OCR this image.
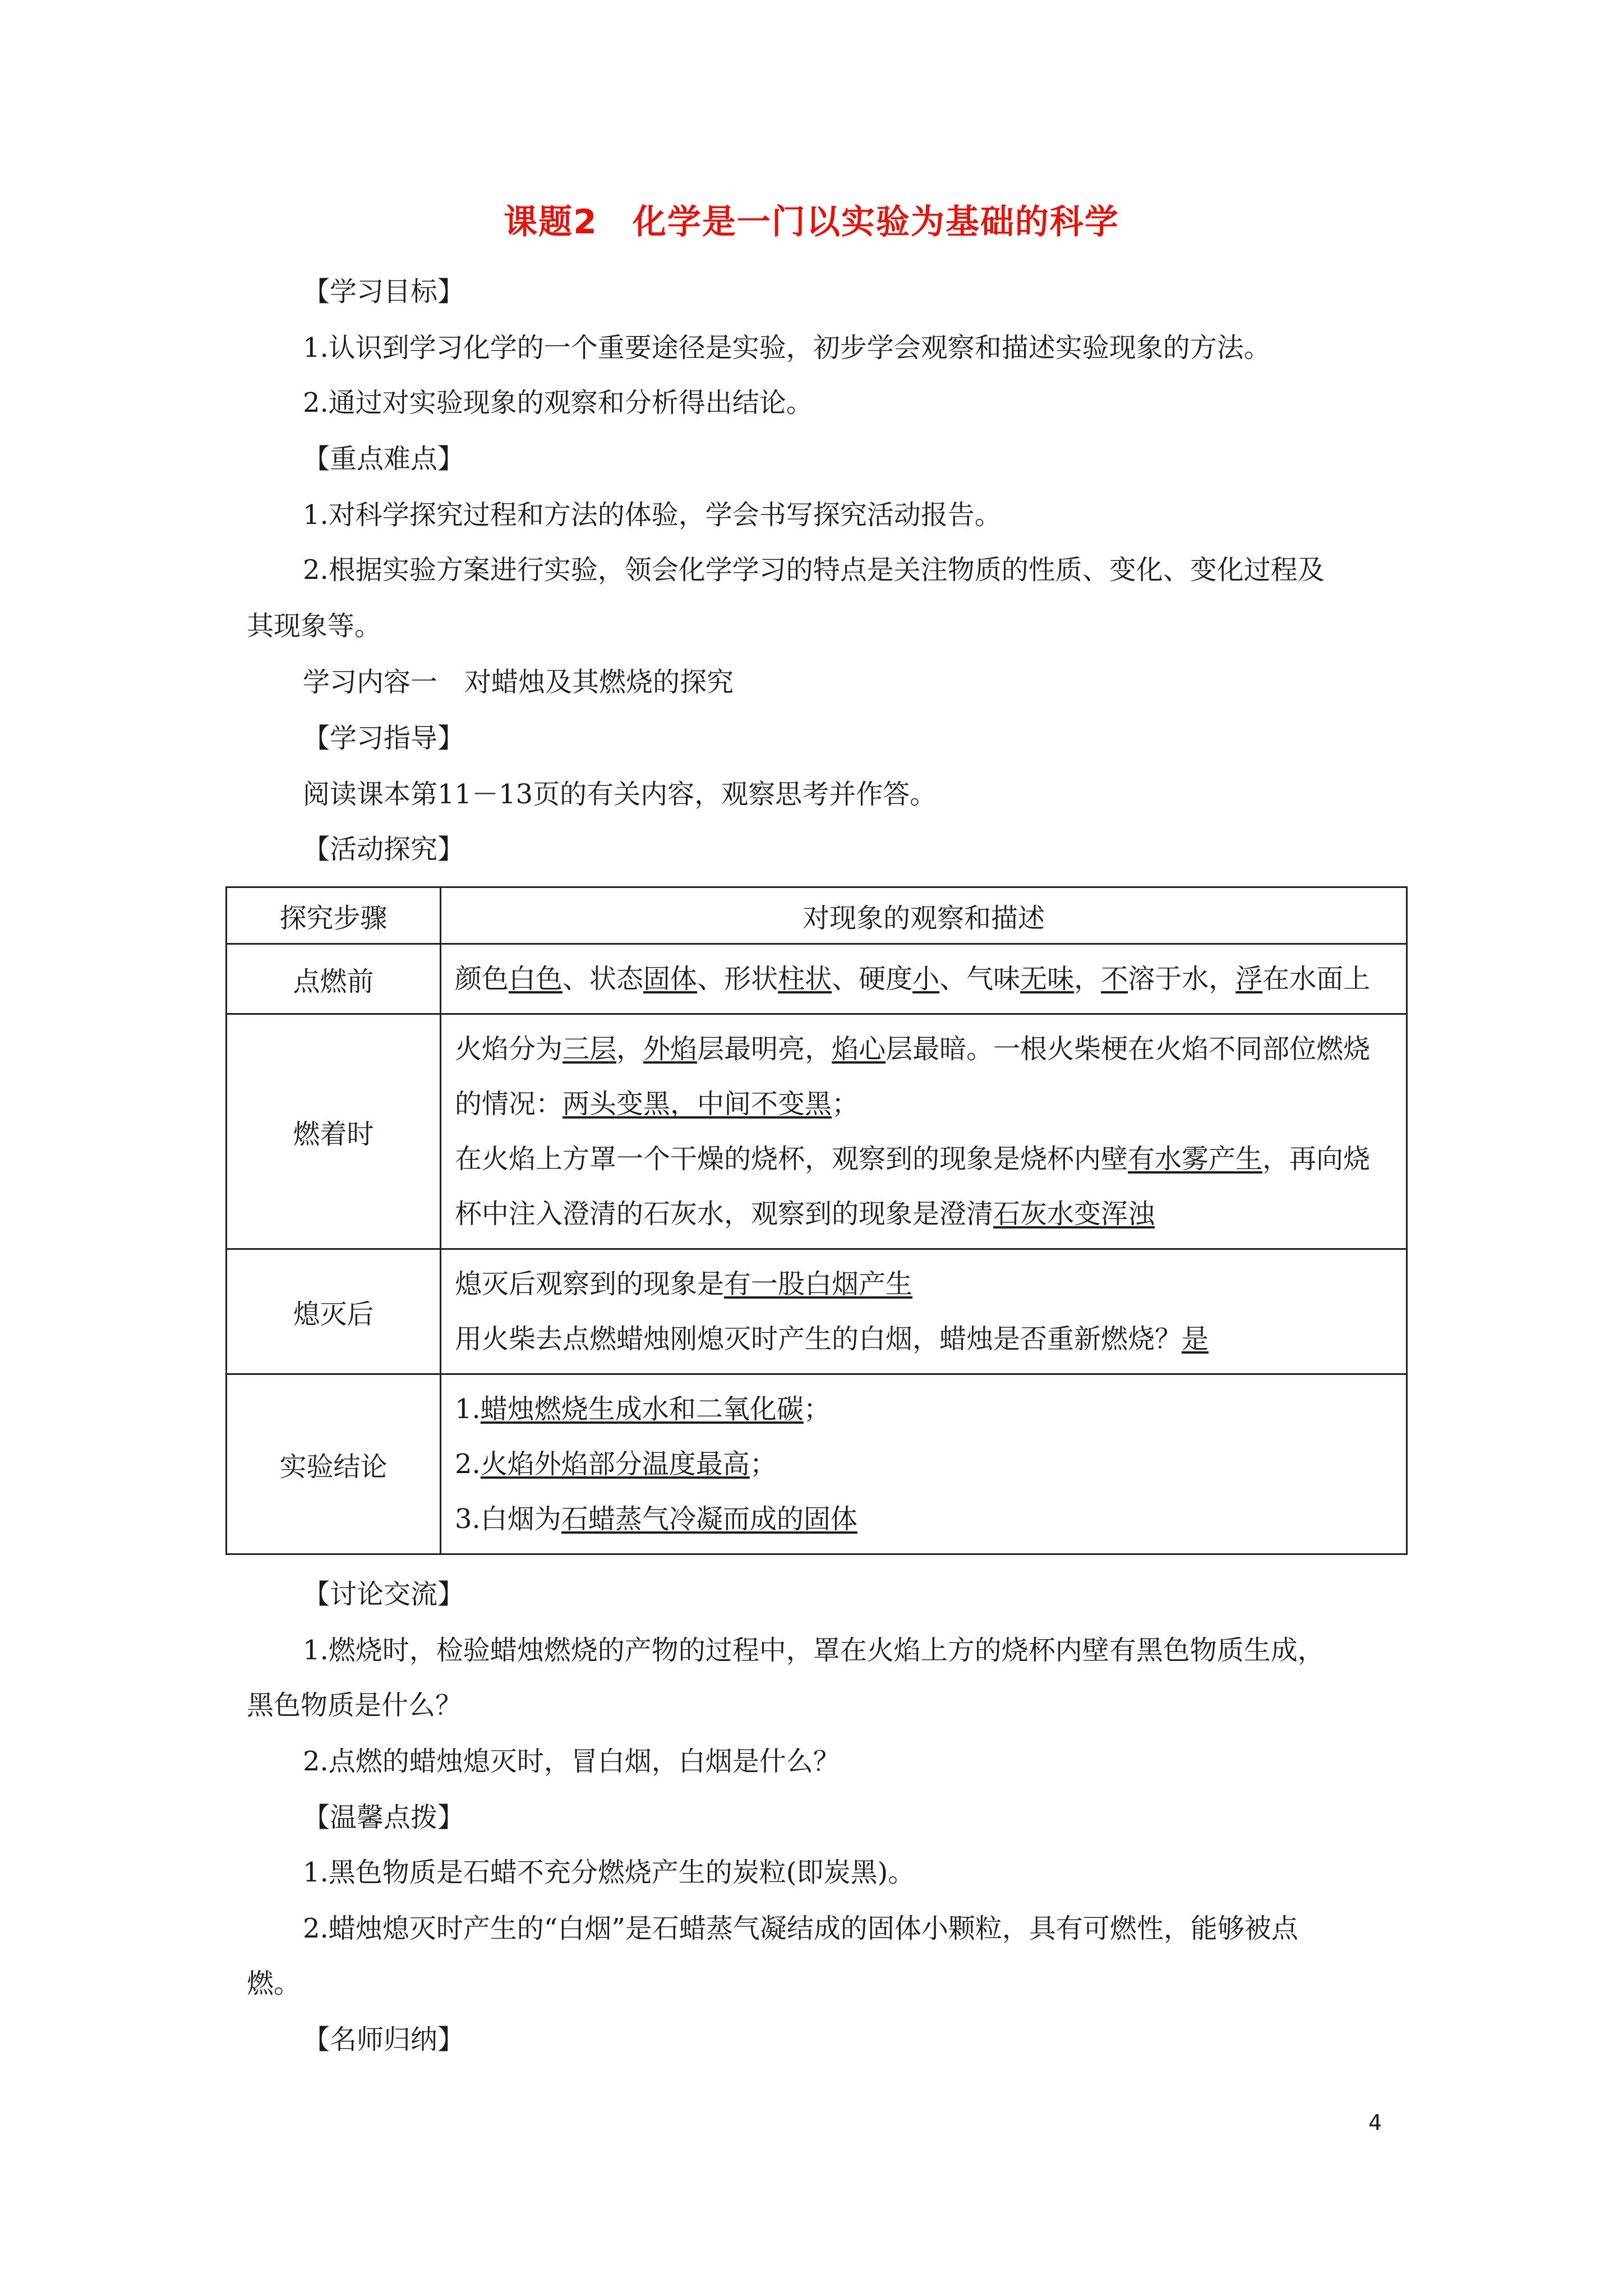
课题2　化学是一门以实验为基础的科学
【学习目标】
1.认识到学习化学的一个重要途径是实验，初步学会观察和描述实验现象的方法。
2.通过对实验现象的观察和分析得出结论。
【重点难点】
1.对科学探究过程和方法的体验，学会书写探究活动报告。
2.根据实验方案进行实验，领会化学学习的特点是关注物质的性质、变化、变化过程及
其现象等。
学习内容一　对蜡烛及其燃烧的探究
【学习指导】
阅读课本第11－13页的有关内容，观察思考并作答。
【活动探究】
探究步骤	对现象的观察和描述
点燃前	颜色白色、状态固体、形状柱状、硬度小、气味无味，不溶于水，浮在水面上
燃着时	火焰分为三层，外焰层最明亮，焰心层最暗。一根火柴梗在火焰不同部位燃烧的情况：两头变黑，中间不变黑；
在火焰上方罩一个干燥的烧杯，观察到的现象是烧杯内壁有水雾产生，再向烧杯中注入澄清的石灰水，观察到的现象是澄清石灰水变浑浊
熄灭后	熄灭后观察到的现象是有一股白烟产生
用火柴去点燃蜡烛刚熄灭时产生的白烟，蜡烛是否重新燃烧？是
实验结论	1.蜡烛燃烧生成水和二氧化碳；
2.火焰外焰部分温度最高；
3.白烟为石蜡蒸气冷凝而成的固体
【讨论交流】
1.燃烧时，检验蜡烛燃烧的产物的过程中，罩在火焰上方的烧杯内壁有黑色物质生成，
黑色物质是什么？
2.点燃的蜡烛熄灭时，冒白烟，白烟是什么？
【温馨点拨】
1.黑色物质是石蜡不充分燃烧产生的炭粒(即炭黑)。
2.蜡烛熄灭时产生的“白烟”是石蜡蒸气凝结成的固体小颗粒，具有可燃性，能够被点
燃。
【名师归纳】
4
